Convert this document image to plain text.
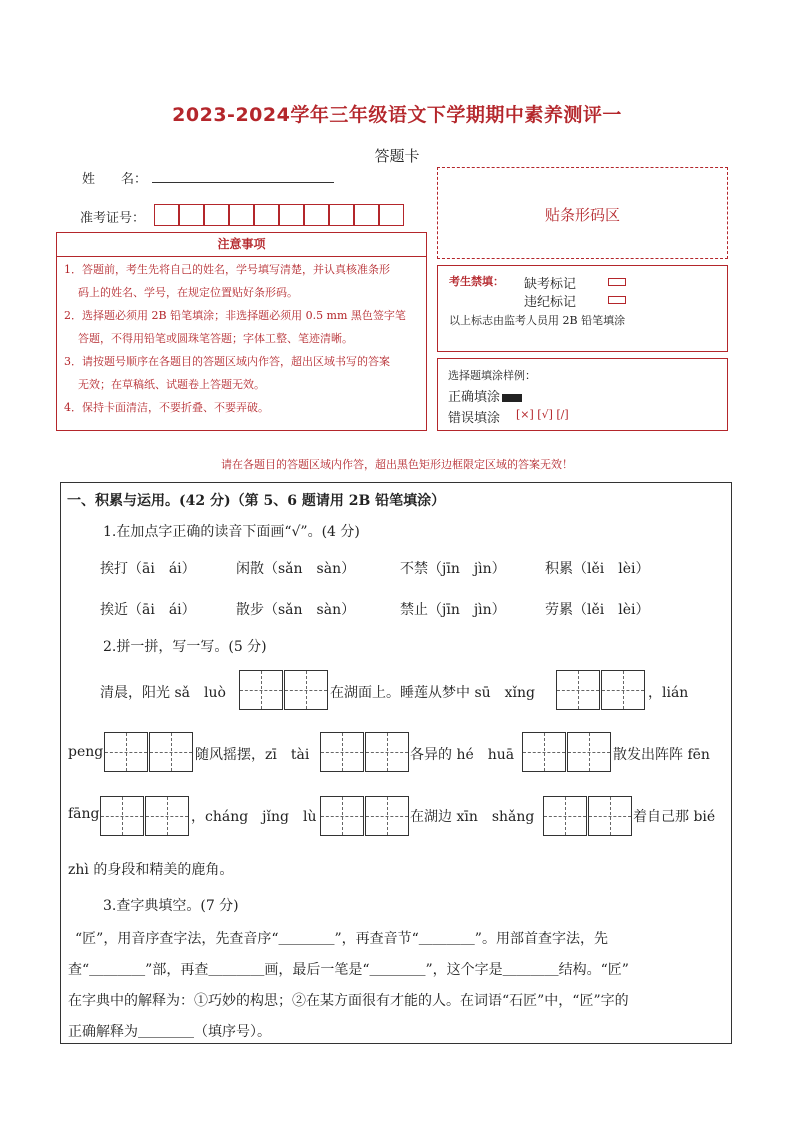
2023-2024学年三年级语文下学期期中素养测评一
答题卡
姓　　名：
准考证号：	贴条形码区
注意事项
1．答题前，考生先将自己的姓名，学号填写清楚，并认真核准条形
码上的姓名、学号，在规定位置贴好条形码。
2．选择题必须用 2B 铅笔填涂；非选择题必须用 0.5 mm 黑色签字笔
答题，不得用铅笔或圆珠笔答题；字体工整、笔迹清晰。
3．请按题号顺序在各题目的答题区域内作答，超出区域书写的答案
无效；在草稿纸、试题卷上答题无效。
4．保持卡面清洁，不要折叠、不要弄破。
考生禁填： 缺考标记
违纪标记
以上标志由监考人员用 2B 铅笔填涂
选择题填涂样例：
正确填涂
错误填涂 [×] [√] [/]
请在各题目的答题区域内作答，超出黑色矩形边框限定区域的答案无效！
一、积累与运用。(42 分)（第 5、6 题请用 2B 铅笔填涂）
1.在加点字正确的读音下面画“√”。(4 分)
挨打（āi　ái）	闲散（sǎn　sàn）	不禁（jīn　jìn）	积累（lěi　lèi）
挨近（āi　ái）	散步（sǎn　sàn）	禁止（jīn　jìn）	劳累（lěi　lèi）
2.拼一拼，写一写。(5 分)
清晨，阳光 sǎ　luò	在湖面上。睡莲从梦中 sū　xǐng	，lián
peng	随风摇摆，zī　tài	各异的 hé　huā	散发出阵阵 fēn
fāng	，cháng　jǐng　lù	在湖边 xīn　shǎng	着自己那 bié
zhì 的身段和精美的鹿角。
3.查字典填空。(7 分)
“匠”，用音序查字法，先查音序“＿＿＿＿”，再查音节“＿＿＿＿”。用部首查字法，先
查“＿＿＿＿”部，再查＿＿＿＿画，最后一笔是“＿＿＿＿”，这个字是＿＿＿＿结构。“匠”
在字典中的解释为：①巧妙的构思；②在某方面很有才能的人。在词语“石匠”中，“匠”字的
正确解释为＿＿＿＿（填序号）。
